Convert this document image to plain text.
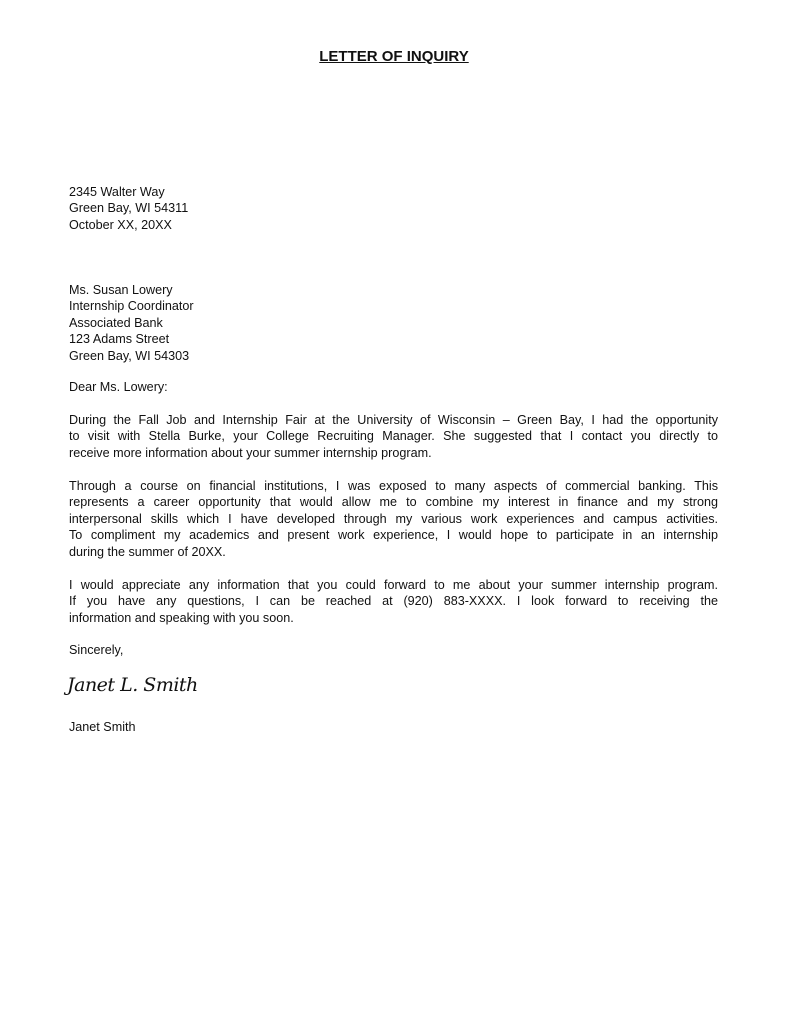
LETTER OF INQUIRY
2345 Walter Way
Green Bay, WI 54311
October XX, 20XX
Ms. Susan Lowery
Internship Coordinator
Associated Bank
123 Adams Street
Green Bay, WI 54303
Dear Ms. Lowery:
During the Fall Job and Internship Fair at the University of Wisconsin – Green Bay, I had the opportunity
to visit with Stella Burke, your College Recruiting Manager. She suggested that I contact you directly to
receive more information about your summer internship program.
Through a course on financial institutions, I was exposed to many aspects of commercial banking. This
represents a career opportunity that would allow me to combine my interest in finance and my strong
interpersonal skills which I have developed through my various work experiences and campus activities.
To compliment my academics and present work experience, I would hope to participate in an internship
during the summer of 20XX.
I would appreciate any information that you could forward to me about your summer internship program.
If you have any questions, I can be reached at (920) 883-XXXX. I look forward to receiving the
information and speaking with you soon.
Sincerely,
Janet L. Smith
Janet Smith
